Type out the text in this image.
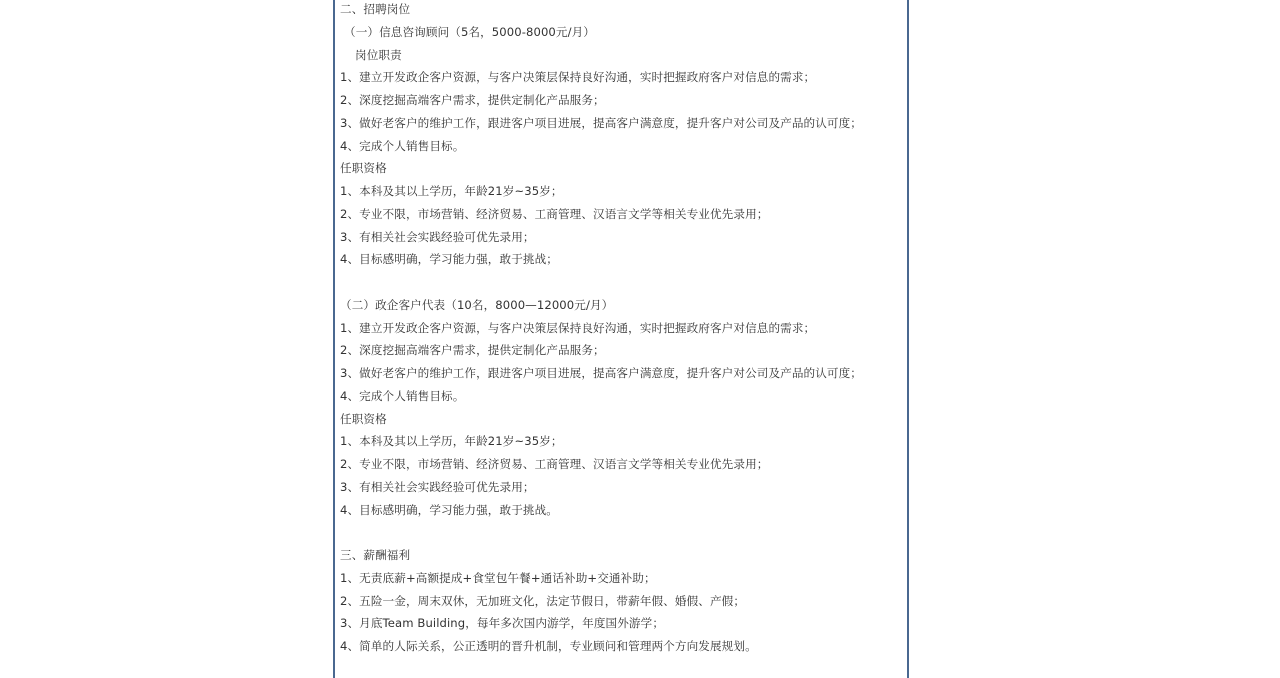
二、招聘岗位
（一）信息咨询顾问（5名，5000-8000元/月）
岗位职责
1、建立开发政企客户资源，与客户决策层保持良好沟通，实时把握政府客户对信息的需求；
2、深度挖掘高端客户需求，提供定制化产品服务；
3、做好老客户的维护工作，跟进客户项目进展，提高客户满意度，提升客户对公司及产品的认可度；
4、完成个人销售目标。
任职资格
1、本科及其以上学历，年龄21岁~35岁；
2、专业不限，市场营销、经济贸易、工商管理、汉语言文学等相关专业优先录用；
3、有相关社会实践经验可优先录用；
4、目标感明确，学习能力强，敢于挑战；
（二）政企客户代表（10名，8000—12000元/月）
1、建立开发政企客户资源，与客户决策层保持良好沟通，实时把握政府客户对信息的需求；
2、深度挖掘高端客户需求，提供定制化产品服务；
3、做好老客户的维护工作，跟进客户项目进展，提高客户满意度，提升客户对公司及产品的认可度；
4、完成个人销售目标。
任职资格
1、本科及其以上学历，年龄21岁~35岁；
2、专业不限，市场营销、经济贸易、工商管理、汉语言文学等相关专业优先录用；
3、有相关社会实践经验可优先录用；
4、目标感明确，学习能力强，敢于挑战。
三、薪酬福利
1、无责底薪+高额提成+食堂包午餐+通话补助+交通补助；
2、五险一金，周末双休，无加班文化，法定节假日，带薪年假、婚假、产假；
3、月底Team Building，每年多次国内游学，年度国外游学；
4、简单的人际关系，公正透明的晋升机制，专业顾问和管理两个方向发展规划。
